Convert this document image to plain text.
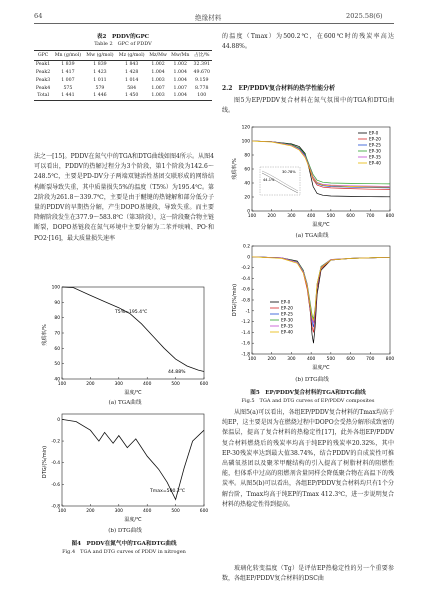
64	绝缘材料	2025.58(6)
表2　PDDV的GPC
Table 2　GPC of PDDV
GPC	Mn (g/mol)	Mw (g/mol)	Mz (g/mol)	Mz/Mw	Mw/Mn	占比/%

Peak1	1 839	1 839	1 843	1.002	1.002	32.391
Peak2	1 417	1 423	1 428	1.004	1.004	49.670
Peak3	1 007	1 011	1 014	1.003	1.004	9.159
Peak4	575	579	584	1.007	1.007	8.778
Total	1 441	1 446	1 450	1.003	1.004	100
法之一[15]。PDDV在氮气中的TGA和DTG曲线如图4所示。从图4可以看出，PDDV的热解过程分为3个阶段，第1个阶段为142.6～248.5℃，主要是PD-DV分子两端双键活性基团交联形成的网络结构断裂导致失重，其中质量损失5%的温度（T5%）为195.4℃。第2阶段为261.8～339.7℃，主要是由于醚键的热键解和部分低分子量的PDDV的早期热分解，产生DOPO基键段，导致失重。而主要降解阶段发生在377.9～583.8℃（第3阶段），这一阶段聚合物主链断裂，DOPO基链段在氮气环境中主要分解为二苯并呋喃、PO·和PO2·[16]，最大质量损失速率
100	200	300	400	500	600
40
50
60
70
80
90
100
T5%=195.4℃
44.88%
残质率/%
温度/℃
(a) TGA曲线
100	200	300	400	500	600
-0.8
-0.6
-0.4
-0.2
0
Tmax=500.2℃
DTG/(%/min)
温度/℃
(b) DTG曲线
图4　PDDV在氮气中的TGA和DTG曲线
Fig.4　TGA and DTG curves of PDDV in nitrogen
的温度（Tmax）为500.2℃，在600℃时的残炭率高达44.88%。
2.2　EP/PDDV复合材料的热学性能分析
图5为EP/PDDV复合材料在氮气氛围中的TGA和DTG曲线。
100	200	300	400	500	600	700	800
0
20
40
60
80
100
120
EP-0
EP-20
EP-25
EP-30
EP-35
EP-40
44.1%
30.78%
残质率/%
温度/℃
(a) TGA曲线
100	200	300	400	500	600	700	800
-1.8
-1.6
-1.4
-1.2
-1
-0.8
-0.6
-0.4
-0.2
0
0.2
EP-0
EP-20
EP-25
EP-30
EP-35
EP-40
DTG/(%/min)
温度/℃
(b) DTG曲线
图5　EP/PDDV复合材料的TGA和DTG曲线
Fig.5　TGA and DTG curves of EP/PDDV composites
从图5(a)可以看出，各组EP/PDDV复合材料的Tmax均高于纯EP，这主要是因为在燃烧过程中DOPO会受热分解形成致密的保温层，提高了复合材料的热稳定性[17]，此外各组EP/PDDV复合材料燃烧后的残炭率均高于纯EP的残炭率20.32%，其中EP-30残炭率达到最大值38.74%，结合PDDV的自成炭性可推出磷氧基团以及聚苯甲醚结构的引入提高了树脂材料的阻燃性能，但体系中过高的阻燃剂含量同样会降低聚合物在高温下的残炭率。从图5(b)可以看出，各组EP/PDDV复合材料均只有1个分解台阶，Tmax均高于纯EP的Tmax 412.3℃，进一步说明复合材料的热稳定性得到提高。
玻璃化转变温度（Tg）是评估EP热稳定性的另一个重要参数，各组EP/PDDV复合材料的DSC曲
